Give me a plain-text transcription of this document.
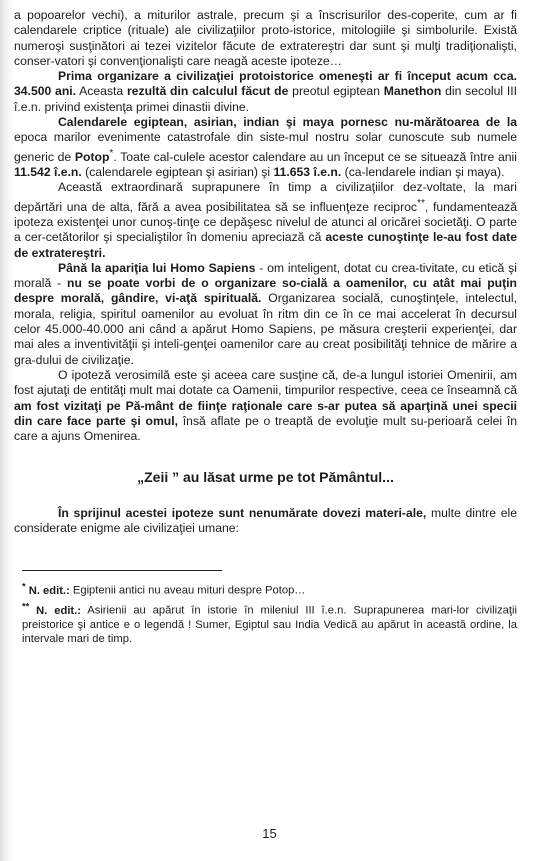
a popoarelor vechi), a miturilor astrale, precum şi a înscrisurilor des-coperite, cum ar fi calendarele criptice (rituale) ale civilizaţiilor proto-istorice, mitologiile şi simbolurile. Există numeroşi susţinători ai tezei vizitelor făcute de extratereştri dar sunt şi mulţi tradiţionalişti, conser-vatori şi convenţionalişti care neagă aceste ipoteze…

Prima organizare a civilizaţiei protoistorice omeneşti ar fi început acum cca. 34.500 ani. Aceasta rezultă din calculul făcut de preotul egiptean Manethon din secolul III î.e.n. privind existenţa primei dinastii divine.

Calendarele egiptean, asirian, indian şi maya pornesc nu-mărătoarea de la epoca marilor evenimente catastrofale din siste-mul nostru solar cunoscute sub numele generic de Potop*. Toate cal-culele acestor calendare au un început ce se situează între anii 11.542 î.e.n. (calendarele egiptean şi asirian) şi 11.653 î.e.n. (ca-lendarele indian şi maya).

Această extraordinară suprapunere în timp a civilizaţiilor dez-voltate, la mari depărtări una de alta, fără a avea posibilitatea să se influenţeze reciproc**, fundamentează ipoteza existenţei unor cunoş-tinţe ce depăşesc nivelul de atunci al oricărei societăţi. O parte a cer-cetătorilor şi specialiştilor în domeniu apreciază că aceste cunoştinţe le-au fost date de extratereştri.

Până la apariţia lui Homo Sapiens - om inteligent, dotat cu crea-tivitate, cu etică şi morală - nu se poate vorbi de o organizare so-cială a oamenilor, cu atât mai puţin despre morală, gândire, vi-aţă spirituală. Organizarea socială, cunoştinţele, intelectul, morala, religia, spiritul oamenilor au evoluat în ritm din ce în ce mai accelerat în decursul celor 45.000-40.000 ani când a apărut Homo Sapiens, pe măsura creşterii experienţei, dar mai ales a inventivităţii şi inteli-genţei oamenilor care au creat posibilităţi tehnice de mărire a gra-dului de civilizaţie.

O ipoteză verosimilă este şi aceea care susţine că, de-a lungul istoriei Omenirii, am fost ajutaţi de entităţi mult mai dotate ca Oamenii, timpurilor respective, ceea ce înseamnă că am fost vizitaţi pe Pă-mânt de fiinţe raţionale care s-ar putea să aparţină unei specii din care face parte şi omul, însă aflate pe o treaptă de evoluţie mult su-perioară celei în care a ajuns Omenirea.

„Zeii ” au lăsat urme pe tot Pământul...

În sprijinul acestei ipoteze sunt nenumărate dovezi materi-ale, multe dintre ele considerate enigme ale civilizaţiei umane:

* N. edit.: Egiptenii antici nu aveau mituri despre Potop…

** N. edit.: Asirienii au apărut în istorie în mileniul III î.e.n. Suprapunerea mari-lor civilizaţii preistorice şi antice e o legendă ! Sumer, Egiptul sau India Vedică au apărut în această ordine, la intervale mari de timp.

15
